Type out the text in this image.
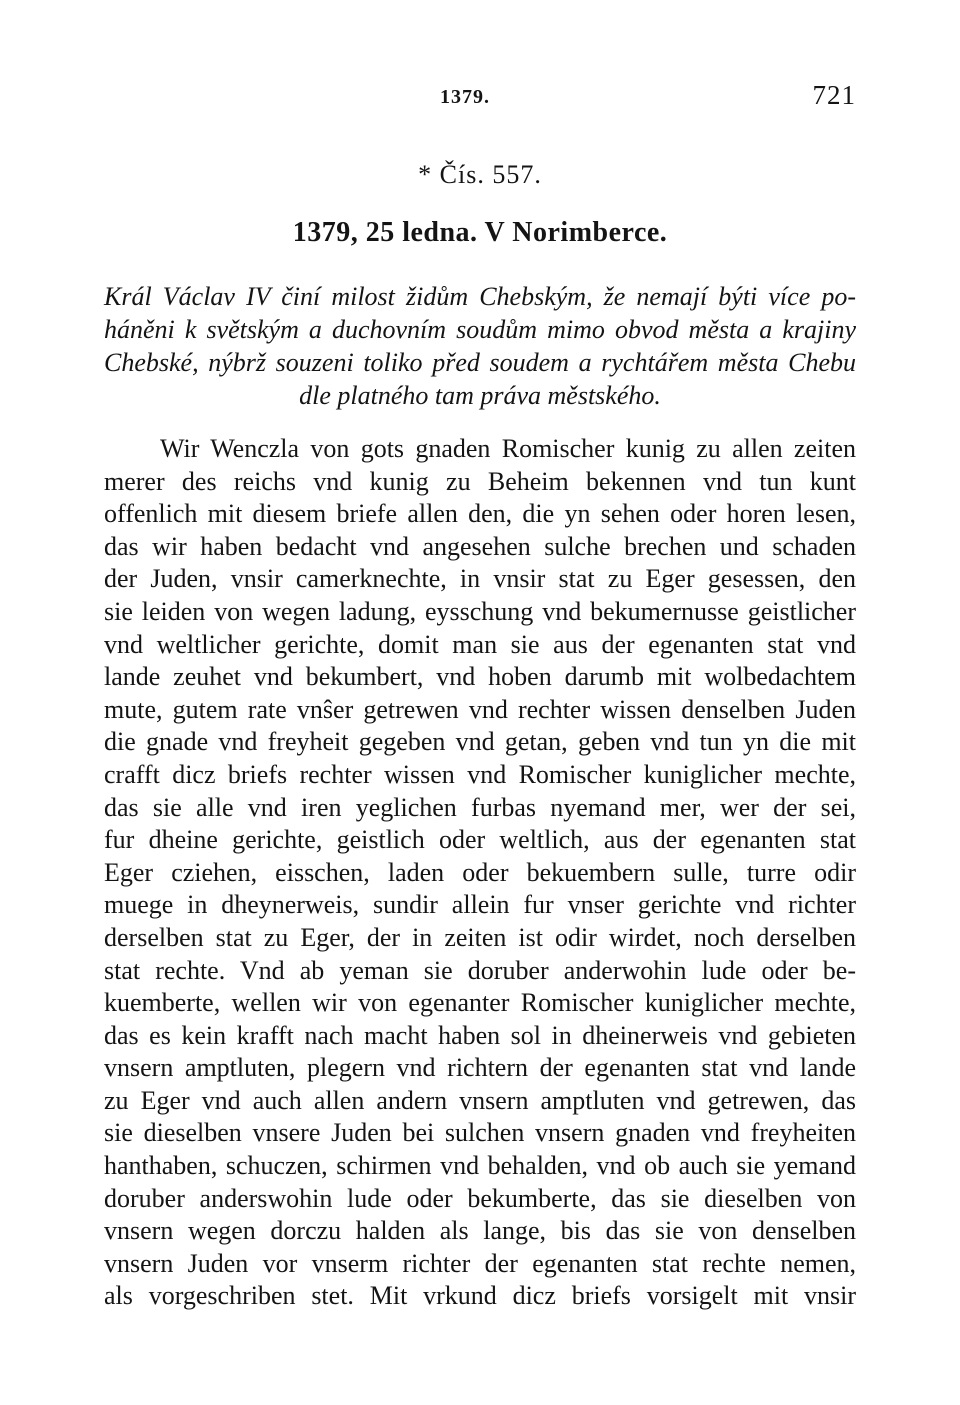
1379.	721
* Čís. 557.
1379, 25 ledna. V Norimberce.
Král Václav IV činí milost židům Chebským, že nemají býti více po-
háněni k světským a duchovním soudům mimo obvod města a krajiny
Chebské, nýbrž souzeni toliko před soudem a rychtářem města Chebu
dle platného tam práva městského.
Wir Wenczla von gots gnaden Romischer kunig zu allen zeiten
merer des reichs vnd kunig zu Beheim bekennen vnd tun kunt
offenlich mit diesem briefe allen den, die yn sehen oder horen lesen,
das wir haben bedacht vnd angesehen sulche brechen und schaden
der Juden, vnsir camerknechte, in vnsir stat zu Eger gesessen, den
sie leiden von wegen ladung, eysschung vnd bekumernusse geistlicher
vnd weltlicher gerichte, domit man sie aus der egenanten stat vnd
lande zeuhet vnd bekumbert, vnd hoben darumb mit wolbedachtem
mute, gutem rate vnŝer getrewen vnd rechter wissen denselben Juden
die gnade vnd freyheit gegeben vnd getan, geben vnd tun yn die mit
crafft dicz briefs rechter wissen vnd Romischer kuniglicher mechte,
das sie alle vnd iren yeglichen furbas nyemand mer, wer der sei,
fur dheine gerichte, geistlich oder weltlich, aus der egenanten stat
Eger cziehen, eisschen, laden oder bekuembern sulle, turre odir
muege in dheynerweis, sundir allein fur vnser gerichte vnd richter
derselben stat zu Eger, der in zeiten ist odir wirdet, noch derselben
stat rechte. Vnd ab yeman sie doruber anderwohin lude oder be-
kuemberte, wellen wir von egenanter Romischer kuniglicher mechte,
das es kein krafft nach macht haben sol in dheinerweis vnd gebieten
vnsern amptluten, plegern vnd richtern der egenanten stat vnd lande
zu Eger vnd auch allen andern vnsern amptluten vnd getrewen, das
sie dieselben vnsere Juden bei sulchen vnsern gnaden vnd freyheiten
hanthaben, schuczen, schirmen vnd behalden, vnd ob auch sie yemand
doruber anderswohin lude oder bekumberte, das sie dieselben von
vnsern wegen dorczu halden als lange, bis das sie von denselben
vnsern Juden vor vnserm richter der egenanten stat rechte nemen,
als vorgeschriben stet. Mit vrkund dicz briefs vorsigelt mit vnsir
